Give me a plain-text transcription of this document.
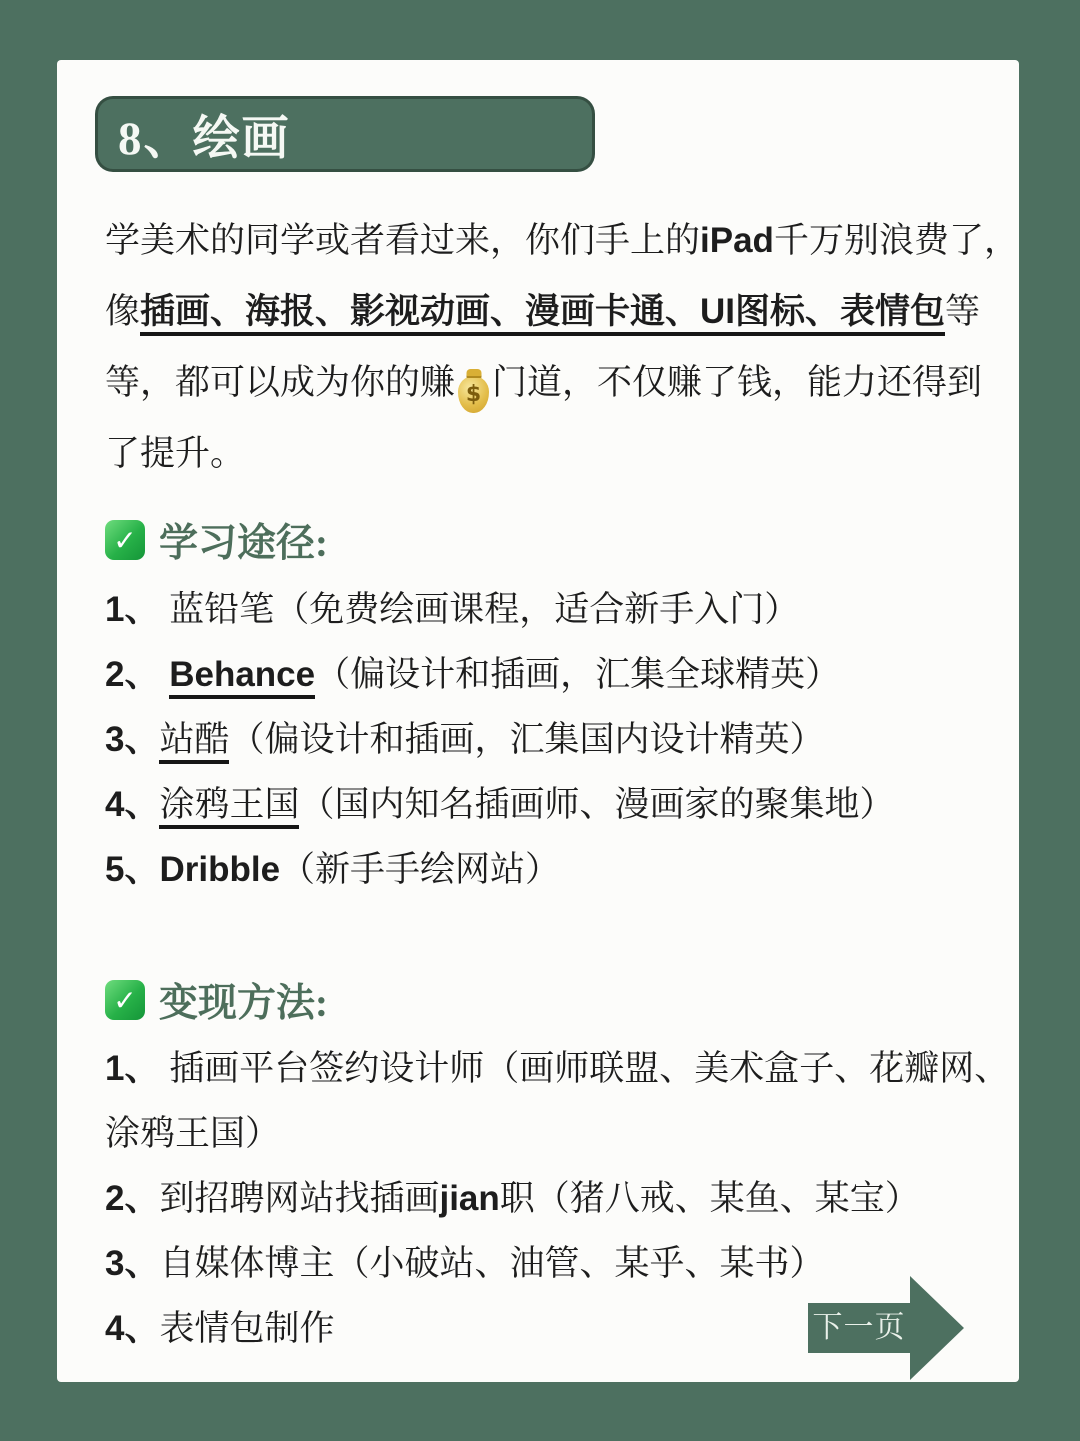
8、绘画
学美术的同学或者看过来，你们手上的iPad千万别浪费了，
像插画、海报、影视动画、漫画卡通、UI图标、表情包等
等，都可以成为你的赚 $ 门道，不仅赚了钱，能力还得到
了提升。
✓ 学习途径:
1、 蓝铅笔（免费绘画课程，适合新手入门）
2、 Behance（偏设计和插画，汇集全球精英）
3、站酷（偏设计和插画，汇集国内设计精英）
4、涂鸦王国（国内知名插画师、漫画家的聚集地）
5、Dribble（新手手绘网站）
✓ 变现方法:
1、 插画平台签约设计师（画师联盟、美术盒子、花瓣网、
涂鸦王国）
2、到招聘网站找插画jian职（猪八戒、某鱼、某宝）
3、自媒体博主（小破站、油管、某乎、某书）
4、表情包制作	下一页
